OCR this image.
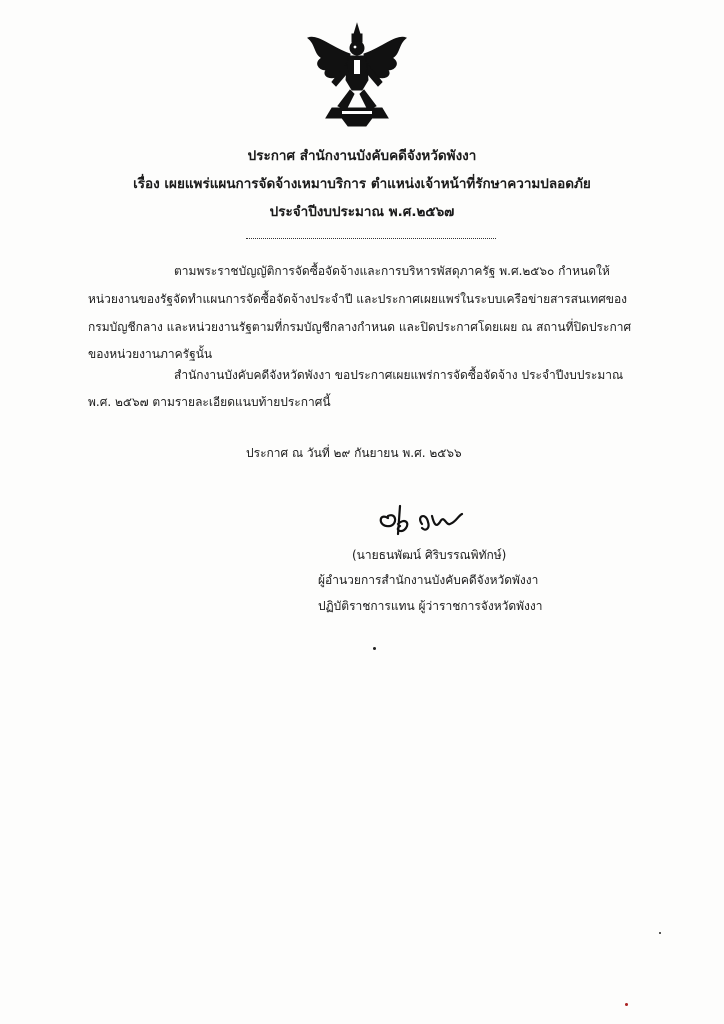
ประกาศ สำนักงานบังคับคดีจังหวัดพังงา
เรื่อง เผยแพร่แผนการจัดจ้างเหมาบริการ ตำแหน่งเจ้าหน้าที่รักษาความปลอดภัย
ประจำปีงบประมาณ พ.ศ.๒๕๖๗
ตามพระราชบัญญัติการจัดซื้อจัดจ้างและการบริหารพัสดุภาครัฐ พ.ศ.๒๕๖๐ กำหนดให้
หน่วยงานของรัฐจัดทำแผนการจัดซื้อจัดจ้างประจำปี และประกาศเผยแพร่ในระบบเครือข่ายสารสนเทศของ
กรมบัญชีกลาง และหน่วยงานรัฐตามที่กรมบัญชีกลางกำหนด และปิดประกาศโดยเผย ณ สถานที่ปิดประกาศ
ของหน่วยงานภาครัฐนั้น
สำนักงานบังคับคดีจังหวัดพังงา ขอประกาศเผยแพร่การจัดซื้อจัดจ้าง ประจำปีงบประมาณ
พ.ศ. ๒๕๖๗ ตามรายละเอียดแนบท้ายประกาศนี้
ประกาศ ณ วันที่ ๒๙ กันยายน พ.ศ. ๒๕๖๖
(นายธนพัฒน์ ศิริบรรณพิทักษ์)
ผู้อำนวยการสำนักงานบังคับคดีจังหวัดพังงา
ปฏิบัติราชการแทน ผู้ว่าราชการจังหวัดพังงา
